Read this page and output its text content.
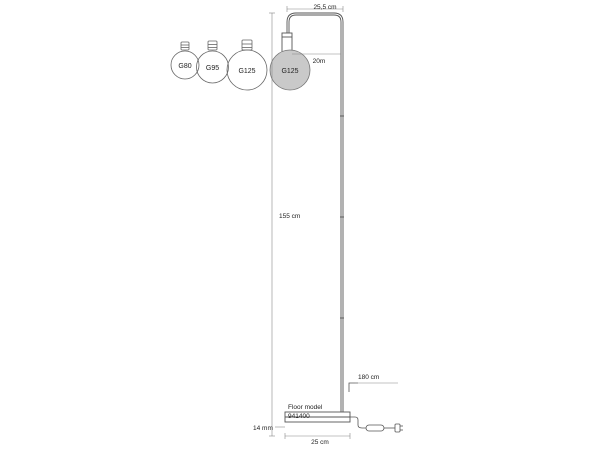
G80 G95	G125	G125
25,5 cm
20m
155 cm
180 cm
14 mm
25 cm
Floor model
941400
